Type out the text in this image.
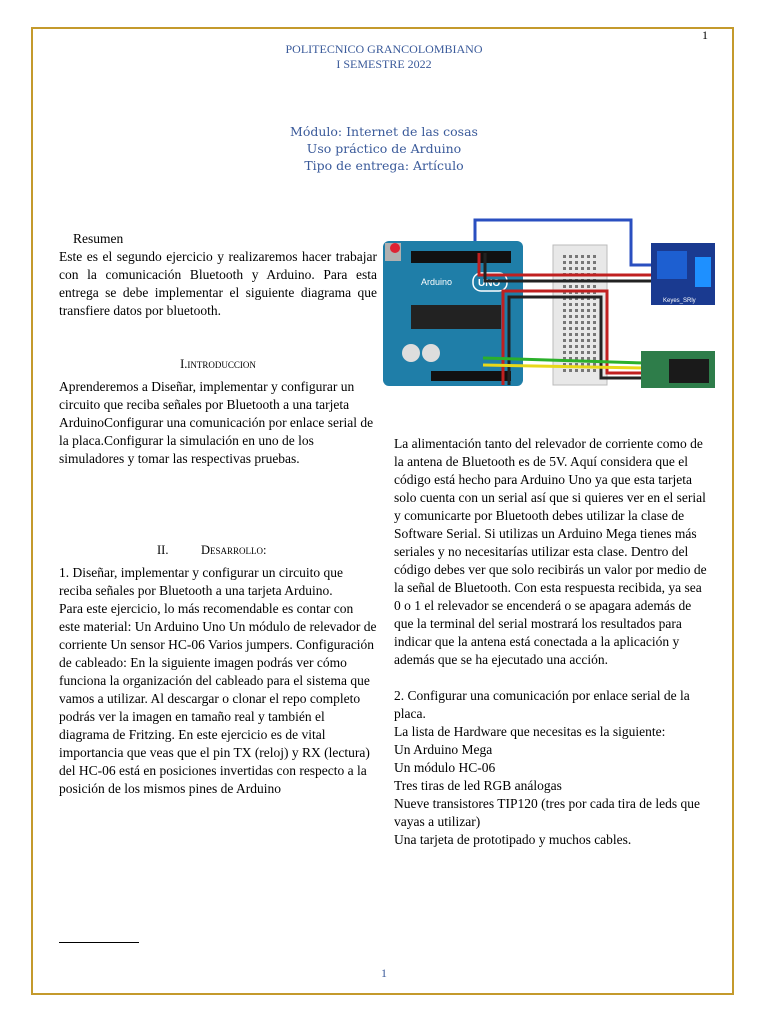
1
POLITECNICO GRANCOLOMBIANO
I SEMESTRE 2022
Módulo: Internet de las cosas
Uso práctico de Arduino
Tipo de entrega: Artículo
Resumen

Este es el segundo ejercicio y realizaremos hacer trabajar con la comunicación Bluetooth y Arduino. Para esta entrega se debe implementar el siguiente diagrama que transfiere datos por bluetooth.

I.introduccion
Aprenderemos a Diseñar, implementar y configurar un circuito que reciba señales por Bluetooth a una tarjeta ArduinoConfigurar una comunicación por enlace serial de la placa.Configurar la simulación en uno de los simuladores y tomar las respectivas pruebas.
II.	Desarrollo:

1. Diseñar, implementar y configurar un circuito que reciba señales por Bluetooth a una tarjeta Arduino.

Para este ejercicio, lo más recomendable es contar con este material: Un Arduino Uno Un módulo de relevador de corriente Un sensor HC-06 Varios jumpers. Configuración de cableado: En la siguiente imagen podrás ver cómo funciona la organización del cableado para el sistema que vamos a utilizar. Al descargar o clonar el repo completo podrás ver la imagen en tamaño real y también el diagrama de Fritzing. En este ejercicio es de vital importancia que veas que el pin TX (reloj) y RX (lectura) del HC-06 está en posiciones invertidas con respecto a la posición de los mismos pines de Arduino

Arduino	UNO
Keyes_SRly

La alimentación tanto del relevador de corriente como de la antena de Bluetooth es de 5V. Aquí considera que el código está hecho para Arduino Uno ya que esta tarjeta solo cuenta con un serial así que si quieres ver en el serial y comunicarte por Bluetooth debes utilizar la clase de Software Serial. Si utilizas un Arduino Mega tienes más seriales y no necesitarías utilizar esta clase. Dentro del código debes ver que solo recibirás un valor por medio de la señal de Bluetooth. Con esta respuesta recibida, ya sea 0 o 1 el relevador se encenderá o se apagara además de que la terminal del serial mostrará los resultados para indicar que la antena está conectada a la aplicación y además que se ha ejecutado una acción.

2. Configurar una comunicación por enlace serial de la placa.

La lista de Hardware que necesitas es la siguiente:

Un Arduino Mega
Un módulo HC-06
Tres tiras de led RGB análogas
Nueve transistores TIP120 (tres por cada tira de leds que vayas a utilizar)
Una tarjeta de prototipado y muchos cables.
1
